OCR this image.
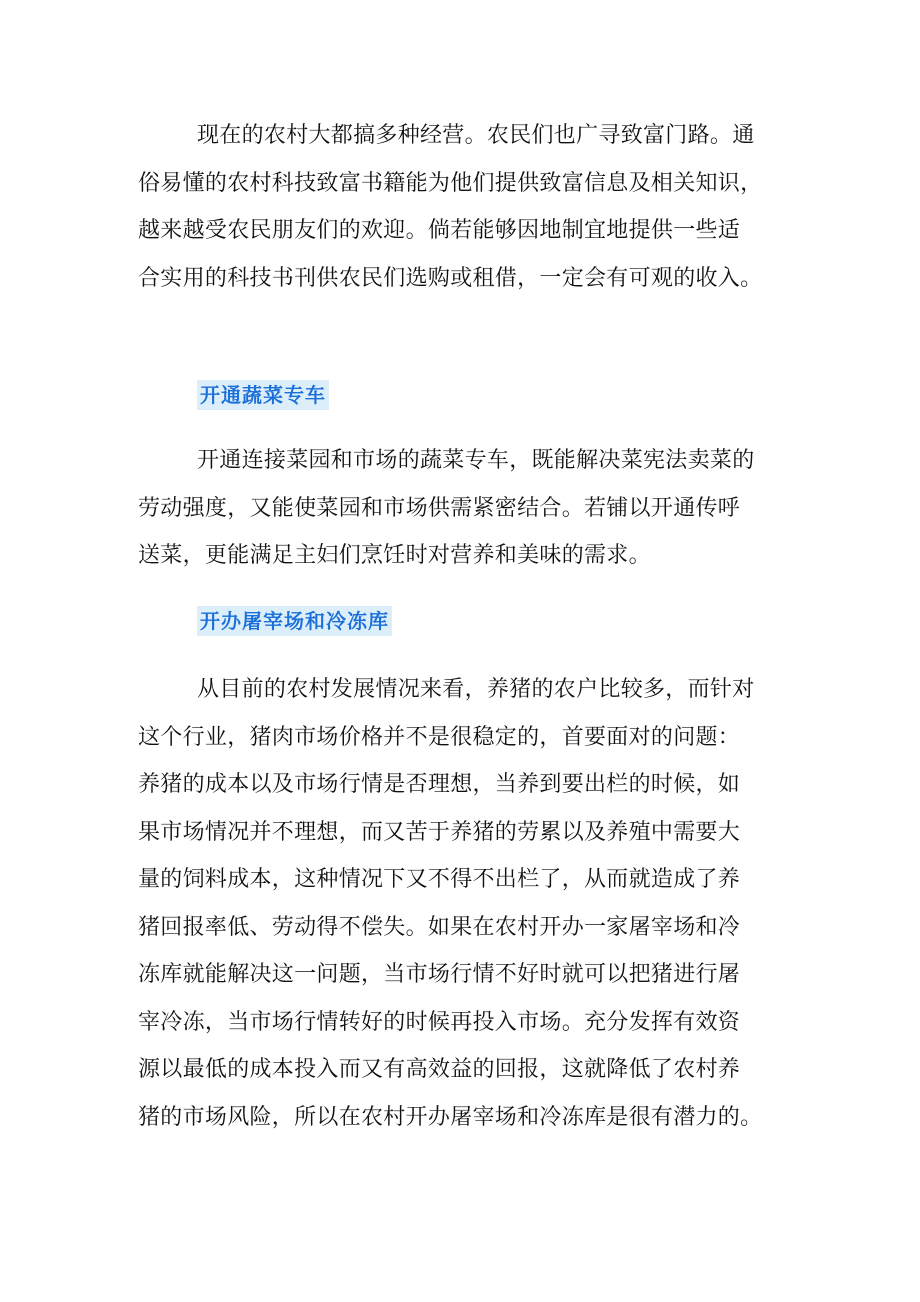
现在的农村大都搞多种经营。农民们也广寻致富门路。通
俗易懂的农村科技致富书籍能为他们提供致富信息及相关知识，
越来越受农民朋友们的欢迎。倘若能够因地制宜地提供一些适
合实用的科技书刊供农民们选购或租借，一定会有可观的收入。

开通蔬菜专车

开通连接菜园和市场的蔬菜专车，既能解决菜宪法卖菜的
劳动强度，又能使菜园和市场供需紧密结合。若铺以开通传呼
送菜，更能满足主妇们烹饪时对营养和美味的需求。

开办屠宰场和冷冻库

从目前的农村发展情况来看，养猪的农户比较多，而针对
这个行业，猪肉市场价格并不是很稳定的，首要面对的问题：
养猪的成本以及市场行情是否理想，当养到要出栏的时候，如
果市场情况并不理想，而又苦于养猪的劳累以及养殖中需要大
量的饲料成本，这种情况下又不得不出栏了，从而就造成了养
猪回报率低、劳动得不偿失。如果在农村开办一家屠宰场和冷
冻库就能解决这一问题，当市场行情不好时就可以把猪进行屠
宰冷冻，当市场行情转好的时候再投入市场。充分发挥有效资
源以最低的成本投入而又有高效益的回报，这就降低了农村养
猪的市场风险，所以在农村开办屠宰场和冷冻库是很有潜力的。
